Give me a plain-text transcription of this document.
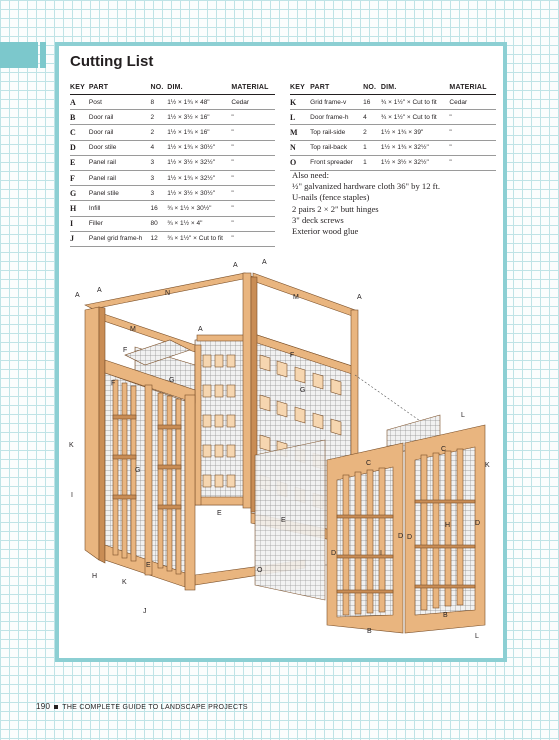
Cutting List
KEY	PART	NO.	DIM.	MATERIAL
A	Post	8	1½ × 1¾ × 48"	Cedar
B	Door rail	2	1½ × 3½ × 16"	"
C	Door rail	2	1½ × 1¾ × 16"	"
D	Door stile	4	1½ × 1¾ × 30½"	"
E	Panel rail	3	1½ × 3½ × 32½"	"
F	Panel rail	3	1½ × 1¾ × 32½"	"
G	Panel stile	3	1½ × 3½ × 30½"	"
H	Infill	16	¾ × 1½ × 30½"	"
I	Filler	80	¾ × 1½ × 4"	"
J	Panel grid frame-h	12	¾ × 1½" × Cut to fit	"
KEY	PART	NO.	DIM.	MATERIAL
K	Grid frame-v	16	¾ × 1½" × Cut to fit	Cedar
L	Door frame-h	4	¾ × 1½" × Cut to fit	"
M	Top rail-side	2	1½ × 1¾ × 39"	"
N	Top rail-back	1	1½ × 1¾ × 32½"	"
O	Front spreader	1	1½ × 3½ × 32½"	"
Also need:
½" galvanized hardware cloth 36" by 12 ft.
U-nails (fence staples)
2 pairs 2 × 2" butt hinges
3" deck screws
Exterior wood glue
A	A
A
A
A
A
N
M
M
F
F
F
G
G
G
K
K
K
I
I
E
E
E
O
H
H
J
C
C
D
D D
D
B
B
L
L
190 THE COMPLETE GUIDE TO LANDSCAPE PROJECTS
